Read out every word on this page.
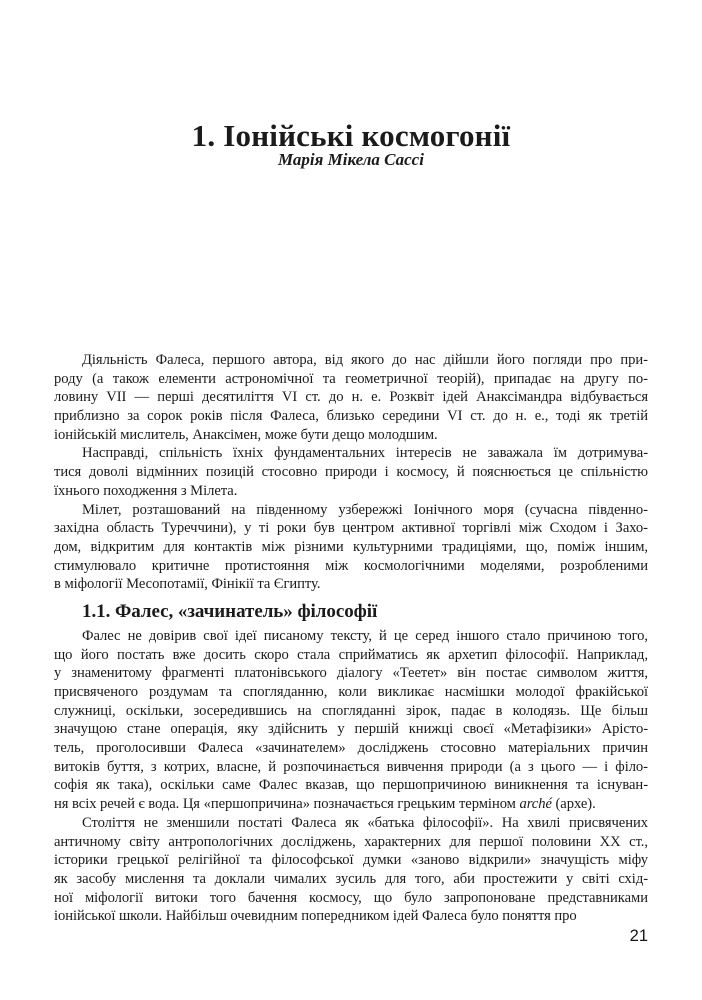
1. Іонійські космогонії
Марія Мікела Сассі
Діяльність Фалеса, першого автора, від якого до нас дійшли його погляди про при-
роду (а також елементи астрономічної та геометричної теорій), припадає на другу по-
ловину VII — перші десятиліття VI ст. до н. е. Розквіт ідей Анаксімандра відбувається
приблизно за сорок років після Фалеса, близько середини VI ст. до н. е., тоді як третій
іонійській мислитель, Анаксімен, може бути дещо молодшим.
Насправді, спільність їхніх фундаментальних інтересів не заважала їм дотримува-
тися доволі відмінних позицій стосовно природи і космосу, й пояснюється це спільністю
їхнього походження з Мілета.
Мілет, розташований на південному узбережжі Іонічного моря (сучасна південно-
західна область Туреччини), у ті роки був центром активної торгівлі між Сходом і Захо-
дом, відкритим для контактів між різними культурними традиціями, що, поміж іншим,
стимулювало критичне протистояння між космологічними моделями, розробленими
в міфології Месопотамії, Фінікії та Єгипту.
1.1. Фалес, «зачинатель» філософії
Фалес не довірив свої ідеї писаному тексту, й це серед іншого стало причиною того,
що його постать вже досить скоро стала сприйматись як архетип філософії. Наприклад,
у знаменитому фрагменті платонівського діалогу «Теетет» він постає символом життя,
присвяченого роздумам та спогляданню, коли викликає насмішки молодої фракійської
служниці, оскільки, зосередившись на спогляданні зірок, падає в колодязь. Ще більш
значущою стане операція, яку здійснить у першій книжці своєї «Метафізики» Арісто-
тель, проголосивши Фалеса «зачинателем» досліджень стосовно матеріальних причин
витоків буття, з котрих, власне, й розпочинається вивчення природи (а з цього — і філо-
софія як така), оскільки саме Фалес вказав, що першопричиною виникнення та існуван-
ня всіх речей є вода. Ця «першопричина» позначається грецьким терміном arché (архе).
Століття не зменшили постаті Фалеса як «батька філософії». На хвилі присвячених
античному світу антропологічних досліджень, характерних для першої половини XX ст.,
історики грецької релігійної та філософської думки «заново відкрили» значущість міфу
як засобу мислення та доклали чималих зусиль для того, аби простежити у світі схід-
ної міфології витоки того бачення космосу, що було запропоноване представниками
іонійської школи. Найбільш очевидним попередником ідей Фалеса було поняття про
21
